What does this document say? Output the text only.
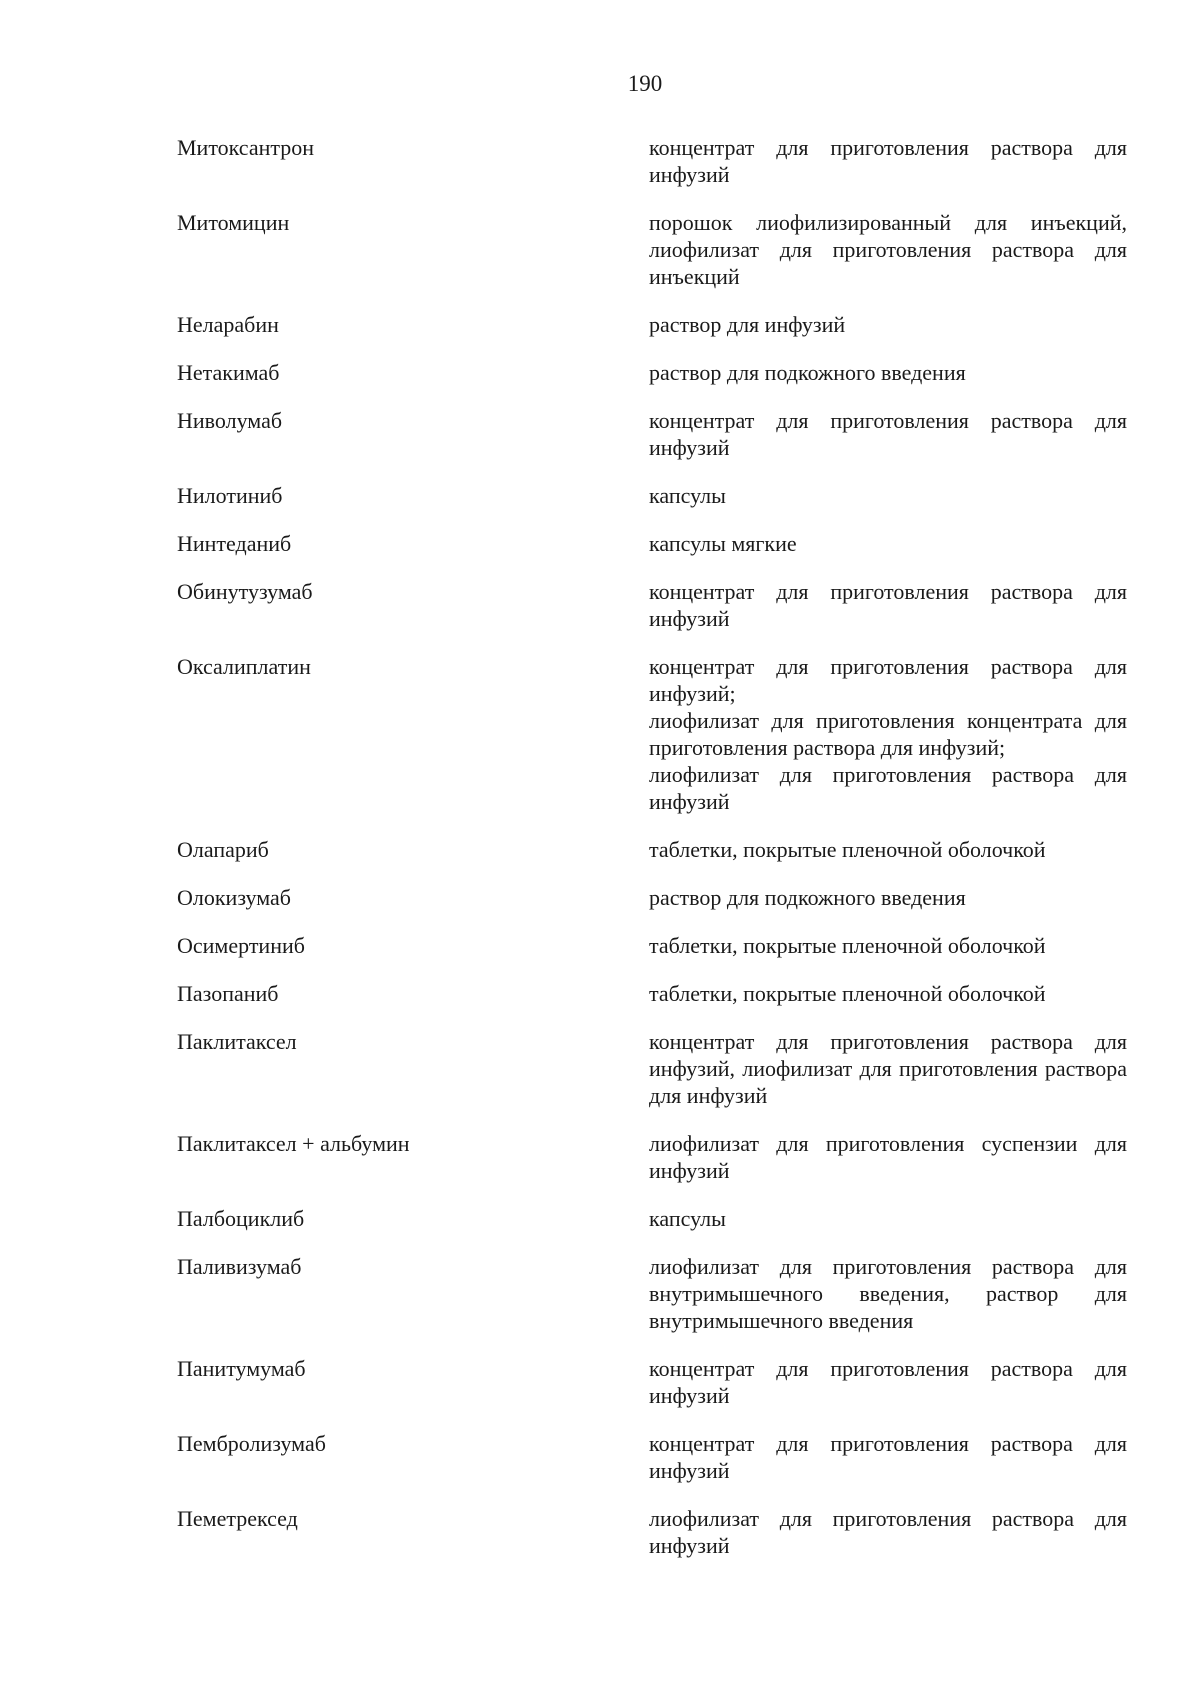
190
Митоксантрон	концентрат для приготовления раствора для инфузий
Митомицин	порошок лиофилизированный для инъекций, лиофилизат для приготовления раствора для инъекций
Неларабин	раствор для инфузий
Нетакимаб	раствор для подкожного введения
Ниволумаб	концентрат для приготовления раствора для инфузий
Нилотиниб	капсулы
Нинтеданиб	капсулы мягкие
Обинутузумаб	концентрат для приготовления раствора для инфузий
Оксалиплатин	концентрат для приготовления раствора для инфузий;
лиофилизат для приготовления концентрата для приготовления раствора для инфузий;
лиофилизат для приготовления раствора для инфузий
Олапариб	таблетки, покрытые пленочной оболочкой
Олокизумаб	раствор для подкожного введения
Осимертиниб	таблетки, покрытые пленочной оболочкой
Пазопаниб	таблетки, покрытые пленочной оболочкой
Паклитаксел	концентрат для приготовления раствора для инфузий, лиофилизат для приготовления раствора для инфузий
Паклитаксел + альбумин	лиофилизат для приготовления суспензии для инфузий
Палбоциклиб	капсулы
Паливизумаб	лиофилизат для приготовления раствора для внутримышечного введения, раствор для внутримышечного введения
Панитумумаб	концентрат для приготовления раствора для инфузий
Пембролизумаб	концентрат для приготовления раствора для инфузий
Пеметрексед	лиофилизат для приготовления раствора для инфузий
